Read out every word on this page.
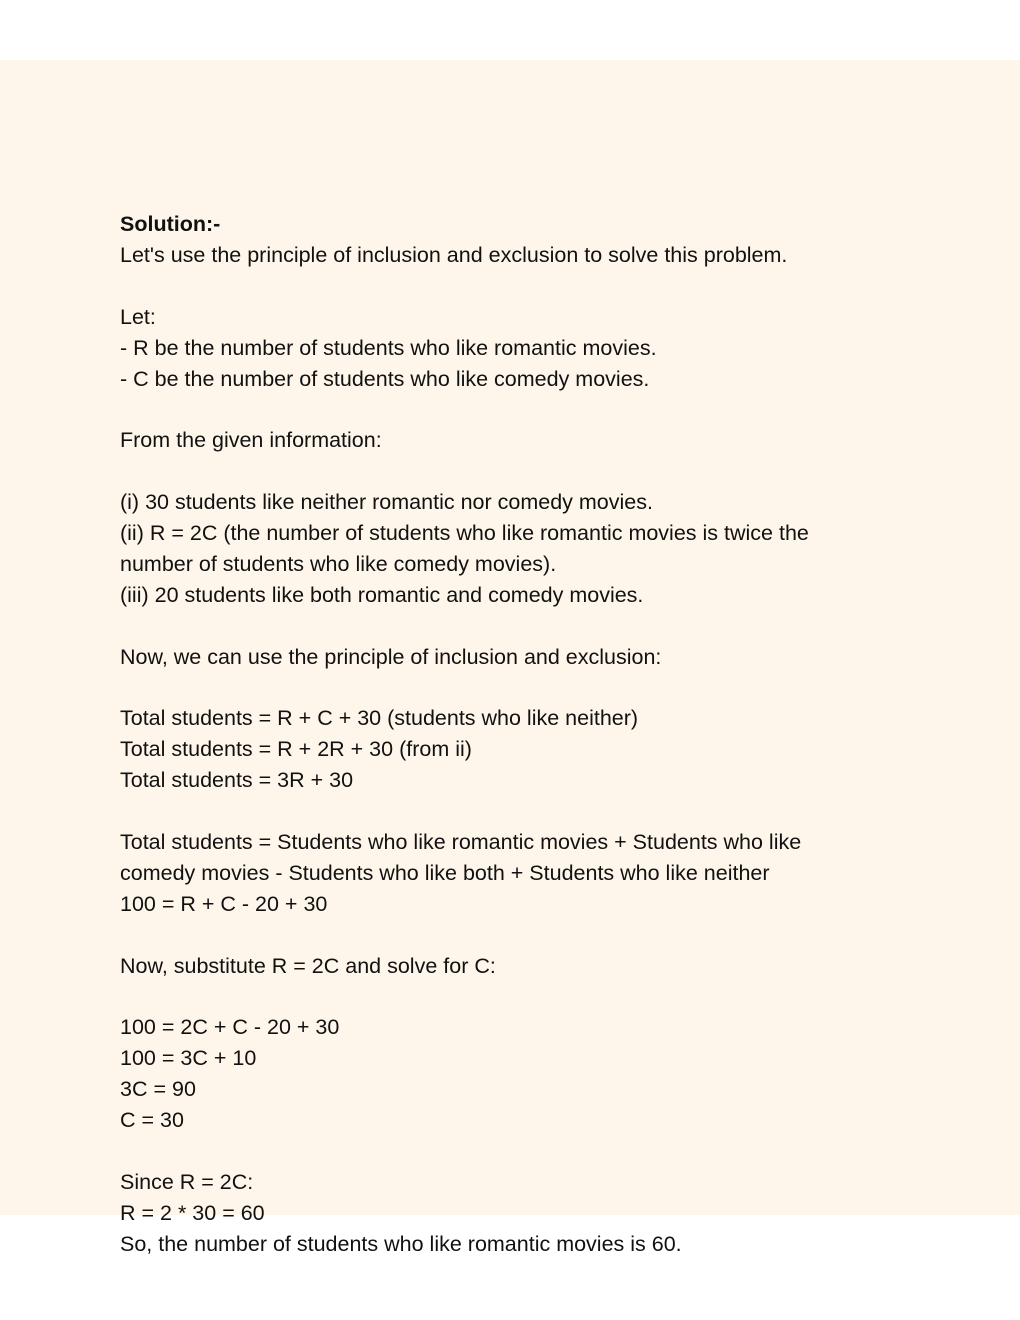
Solution:-
Let's use the principle of inclusion and exclusion to solve this problem.
Let:
- R be the number of students who like romantic movies.
- C be the number of students who like comedy movies.
From the given information:
(i) 30 students like neither romantic nor comedy movies.
(ii) R = 2C (the number of students who like romantic movies is twice the
number of students who like comedy movies).
(iii) 20 students like both romantic and comedy movies.
Now, we can use the principle of inclusion and exclusion:
Total students = R + C + 30 (students who like neither)
Total students = R + 2R + 30 (from ii)
Total students = 3R + 30
Total students = Students who like romantic movies + Students who like
comedy movies - Students who like both + Students who like neither
100 = R + C - 20 + 30
Now, substitute R = 2C and solve for C:
100 = 2C + C - 20 + 30
100 = 3C + 10
3C = 90
C = 30
Since R = 2C:
R = 2 * 30 = 60
So, the number of students who like romantic movies is 60.
